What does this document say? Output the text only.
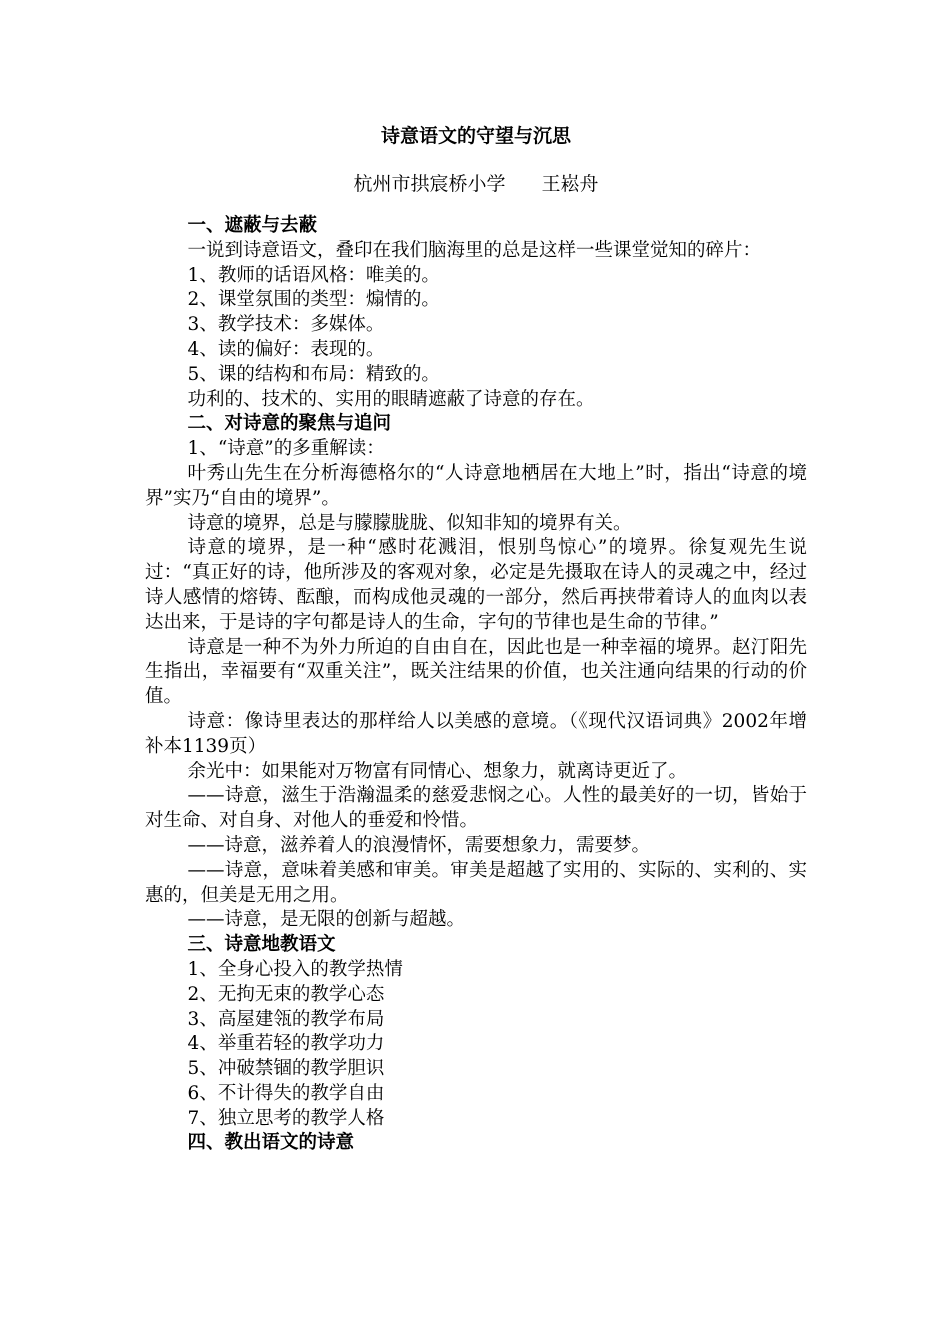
诗意语文的守望与沉思
杭州市拱宸桥小学 王崧舟

一、遮蔽与去蔽

一说到诗意语文，叠印在我们脑海里的总是这样一些课堂觉知的碎片：

1、教师的话语风格：唯美的。

2、课堂氛围的类型：煽情的。

3、教学技术：多媒体。

4、读的偏好：表现的。

5、课的结构和布局：精致的。

功利的、技术的、实用的眼睛遮蔽了诗意的存在。

二、对诗意的聚焦与追问

1、“诗意”的多重解读：

叶秀山先生在分析海德格尔的“人诗意地栖居在大地上”时，指出“诗意的境界”实乃“自由的境界”。

诗意的境界，总是与朦朦胧胧、似知非知的境界有关。

诗意的境界，是一种“感时花溅泪，恨别鸟惊心”的境界。徐复观先生说过：“真正好的诗，他所涉及的客观对象，必定是先摄取在诗人的灵魂之中，经过诗人感情的熔铸、酝酿，而构成他灵魂的一部分，然后再挟带着诗人的血肉以表达出来，于是诗的字句都是诗人的生命，字句的节律也是生命的节律。”

诗意是一种不为外力所迫的自由自在，因此也是一种幸福的境界。赵汀阳先生指出，幸福要有“双重关注”，既关注结果的价值，也关注通向结果的行动的价值。

诗意：像诗里表达的那样给人以美感的意境。（《现代汉语词典》2002年增补本1139页）

余光中：如果能对万物富有同情心、想象力，就离诗更近了。

——诗意，滋生于浩瀚温柔的慈爱悲悯之心。人性的最美好的一切，皆始于对生命、对自身、对他人的垂爱和怜惜。

——诗意，滋养着人的浪漫情怀，需要想象力，需要梦。

——诗意，意味着美感和审美。审美是超越了实用的、实际的、实利的、实惠的，但美是无用之用。

——诗意，是无限的创新与超越。

三、诗意地教语文

1、全身心投入的教学热情

2、无拘无束的教学心态

3、高屋建瓴的教学布局

4、举重若轻的教学功力

5、冲破禁锢的教学胆识

6、不计得失的教学自由

7、独立思考的教学人格

四、教出语文的诗意
